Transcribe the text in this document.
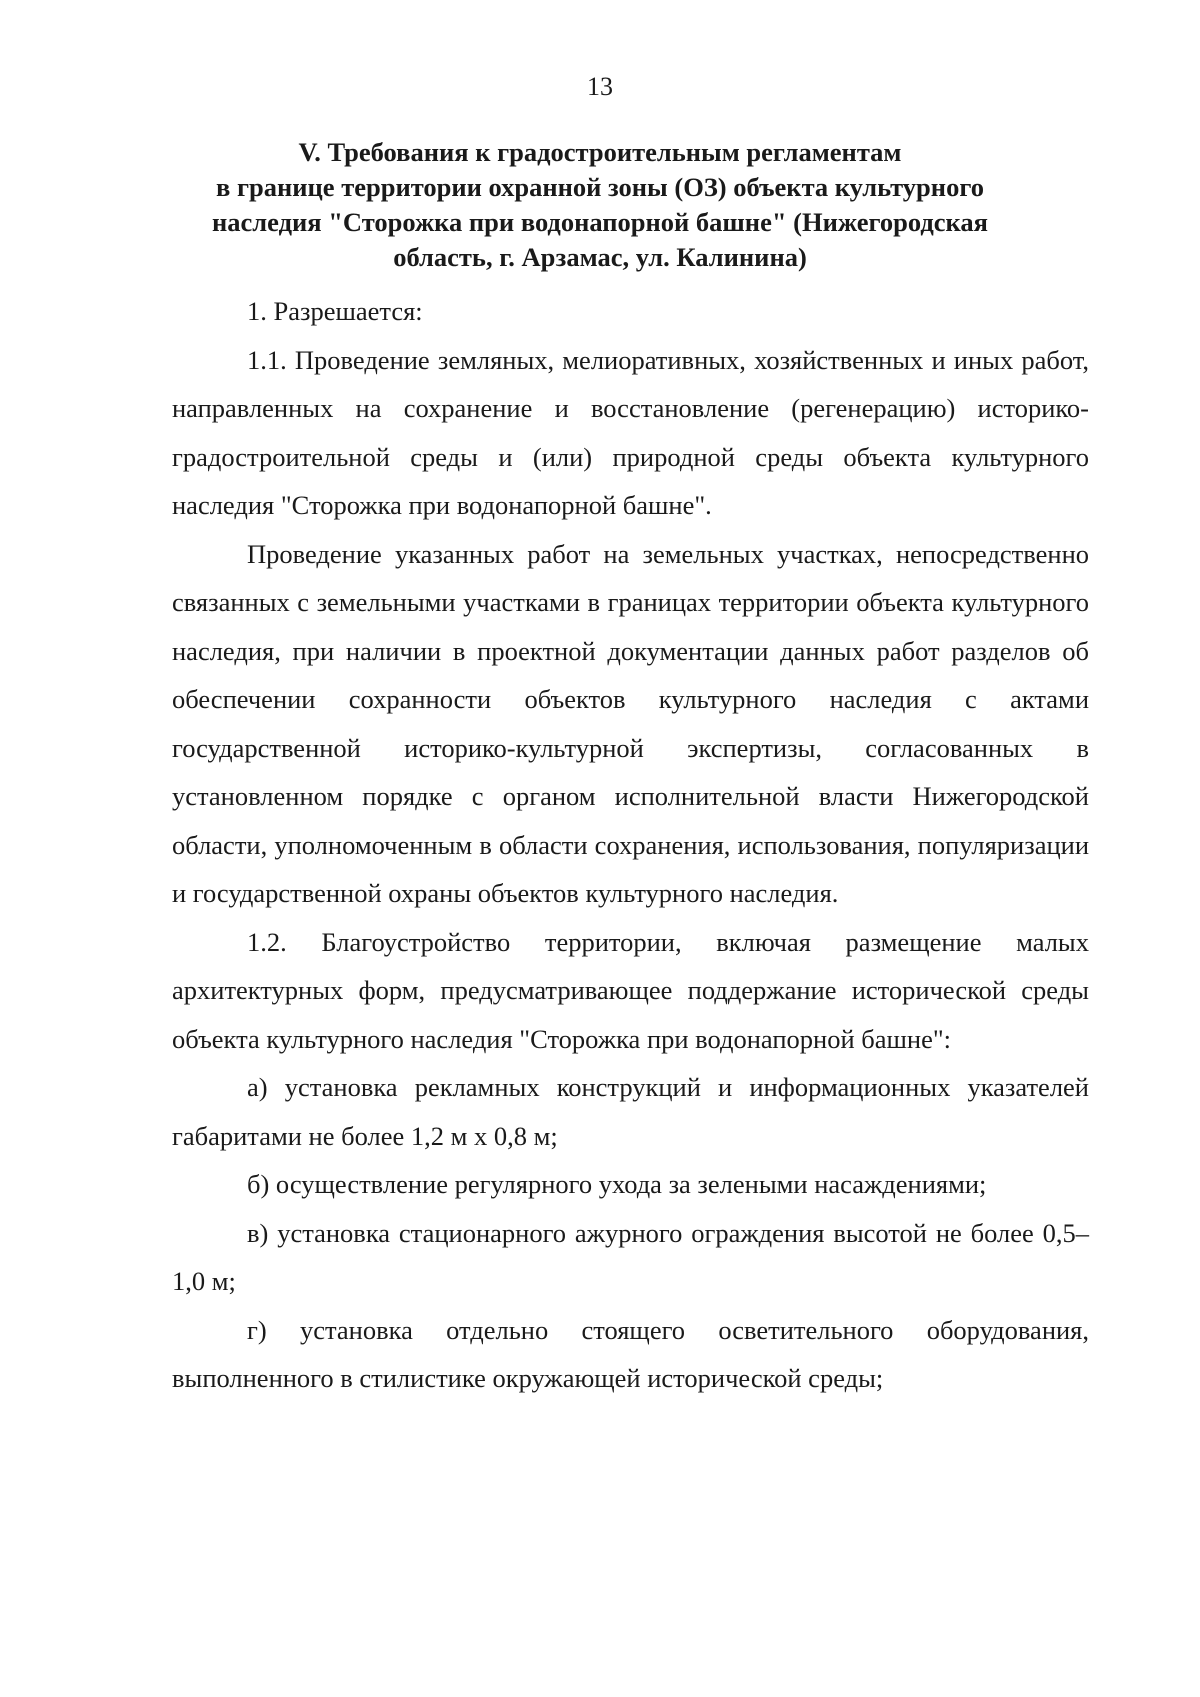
13
V. Требования к градостроительным регламентам
в границе территории охранной зоны (ОЗ) объекта культурного
наследия "Сторожка при водонапорной башне" (Нижегородская
область, г. Арзамас, ул. Калинина)

1. Разрешается:

1.1. Проведение земляных, мелиоративных, хозяйственных и иных работ, направленных на сохранение и восстановление (регенерацию) историко-градостроительной среды и (или) природной среды объекта культурного наследия "Сторожка при водонапорной башне".

Проведение указанных работ на земельных участках, непосредственно связанных с земельными участками в границах территории объекта культурного наследия, при наличии в проектной документации данных работ разделов об обеспечении сохранности объектов культурного наследия с актами государственной историко-культурной экспертизы, согласованных в установленном порядке с органом исполнительной власти Нижегородской области, уполномоченным в области сохранения, использования, популяризации и государственной охраны объектов культурного наследия.

1.2. Благоустройство территории, включая размещение малых архитектурных форм, предусматривающее поддержание исторической среды объекта культурного наследия "Сторожка при водонапорной башне":

а) установка рекламных конструкций и информационных указателей габаритами не более 1,2 м х 0,8 м;

б) осуществление регулярного ухода за зелеными насаждениями;

в) установка стационарного ажурного ограждения высотой не более 0,5–1,0 м;

г) установка отдельно стоящего осветительного оборудования, выполненного в стилистике окружающей исторической среды;
